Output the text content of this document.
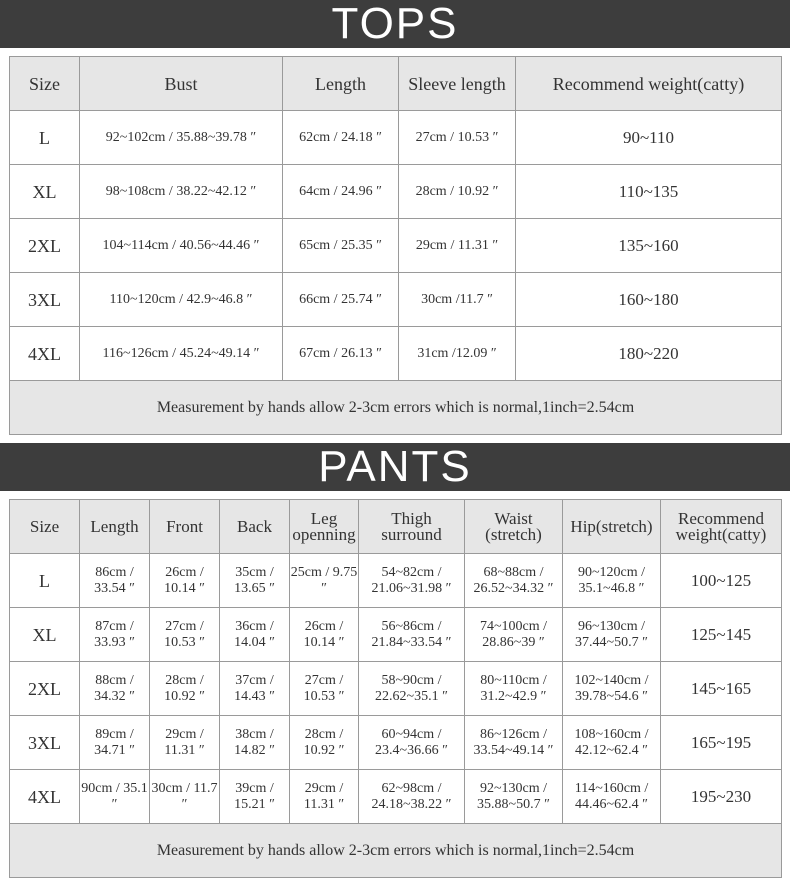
TOPS
Size	Bust	Length	Sleeve length	Recommend weight(catty)
L	92~102cm / 35.88~39.78 ″	62cm / 24.18 ″	27cm / 10.53 ″	90~110
XL	98~108cm / 38.22~42.12 ″	64cm / 24.96 ″	28cm / 10.92 ″	110~135
2XL	104~114cm / 40.56~44.46 ″	65cm / 25.35 ″	29cm / 11.31 ″	135~160
3XL	110~120cm / 42.9~46.8 ″	66cm / 25.74 ″	30cm /11.7 ″	160~180
4XL	116~126cm / 45.24~49.14 ″	67cm / 26.13 ″	31cm /12.09 ″	180~220
Measurement by hands allow 2-3cm errors which is normal,1inch=2.54cm				
PANTS
Size	Length	Front	Back	Leg openning	Thigh surround	Waist (stretch)	Hip(stretch)	Recommend weight(catty)
L	86cm / 33.54 ″	26cm / 10.14 ″	35cm / 13.65 ″	25cm / 9.75 ″	54~82cm / 21.06~31.98 ″	68~88cm / 26.52~34.32 ″	90~120cm / 35.1~46.8 ″	100~125
XL	87cm / 33.93 ″	27cm / 10.53 ″	36cm / 14.04 ″	26cm / 10.14 ″	56~86cm / 21.84~33.54 ″	74~100cm / 28.86~39 ″	96~130cm / 37.44~50.7 ″	125~145
2XL	88cm / 34.32 ″	28cm / 10.92 ″	37cm / 14.43 ″	27cm / 10.53 ″	58~90cm / 22.62~35.1 ″	80~110cm / 31.2~42.9 ″	102~140cm / 39.78~54.6 ″	145~165
3XL	89cm / 34.71 ″	29cm / 11.31 ″	38cm / 14.82 ″	28cm / 10.92 ″	60~94cm / 23.4~36.66 ″	86~126cm / 33.54~49.14 ″	108~160cm / 42.12~62.4 ″	165~195
4XL	90cm / 35.1 ″	30cm / 11.7 ″	39cm / 15.21 ″	29cm / 11.31 ″	62~98cm / 24.18~38.22 ″	92~130cm / 35.88~50.7 ″	114~160cm / 44.46~62.4 ″	195~230
Measurement by hands allow 2-3cm errors which is normal,1inch=2.54cm								
